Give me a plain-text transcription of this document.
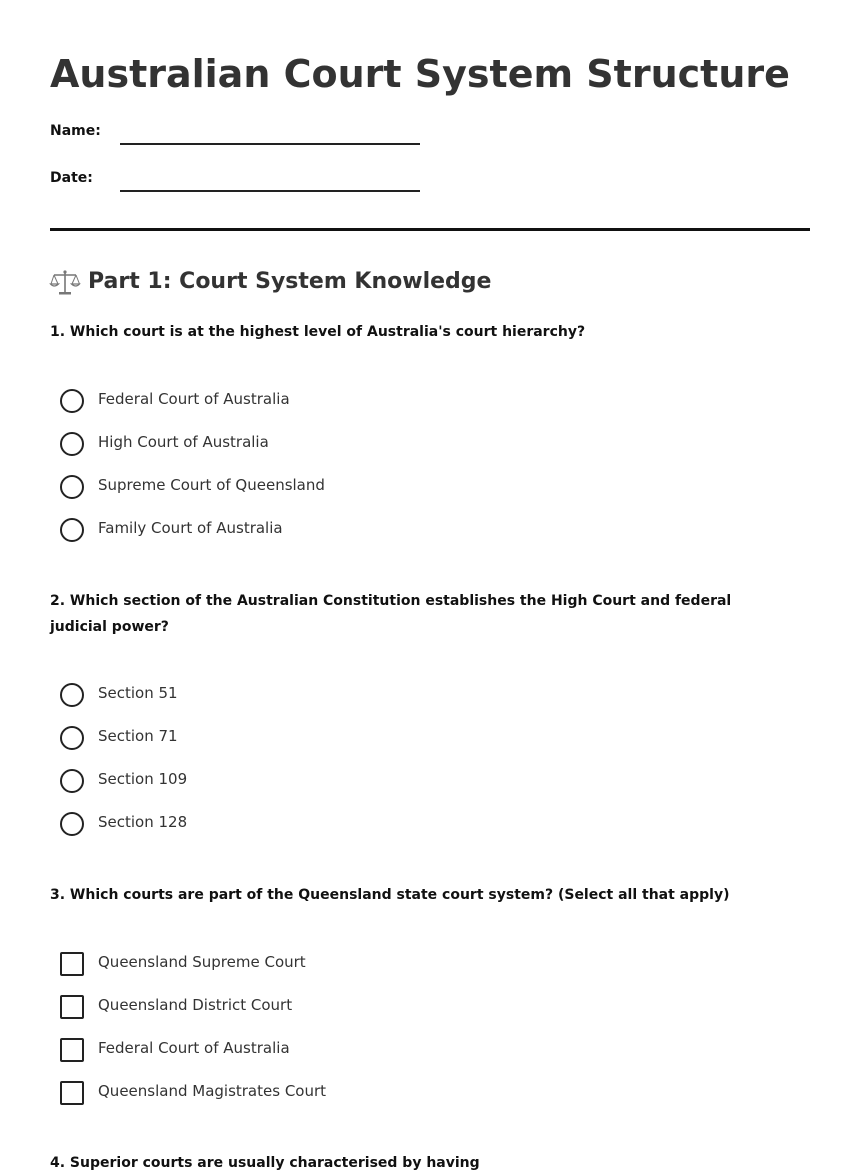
Australian Court System Structure
Name:
Date:
Part 1: Court System Knowledge

1. Which court is at the highest level of Australia's court hierarchy?

Federal Court of Australia
High Court of Australia
Supreme Court of Queensland
Family Court of Australia

2. Which section of the Australian Constitution establishes the High Court and federal judicial power?

Section 51
Section 71
Section 109
Section 128

3. Which courts are part of the Queensland state court system? (Select all that apply)

Queensland Supreme Court
Queensland District Court
Federal Court of Australia
Queensland Magistrates Court
4. Superior courts are usually characterised by having
